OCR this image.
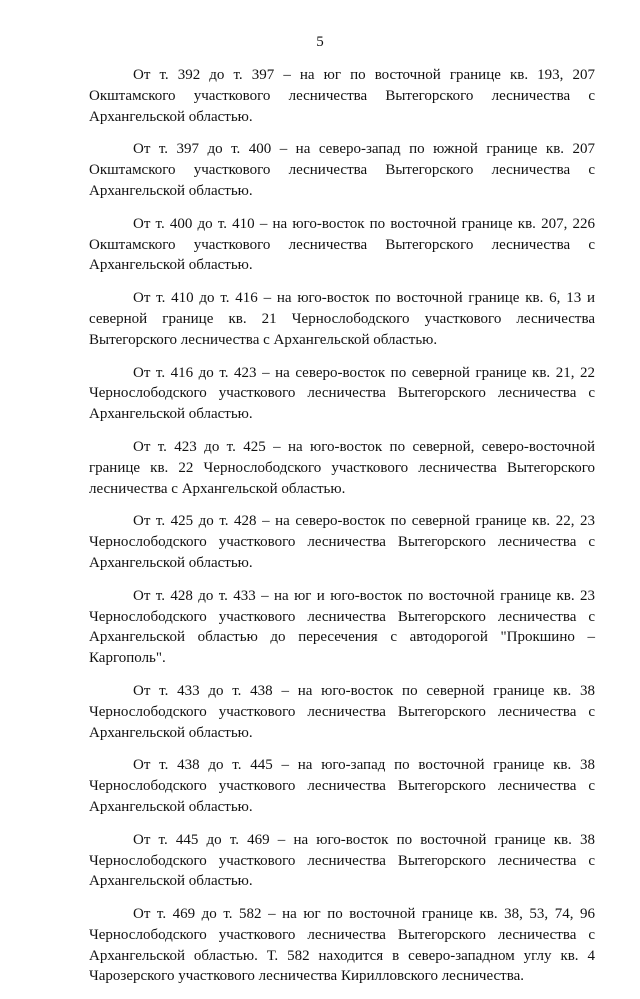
5

От т. 392 до т. 397 – на юг по восточной границе кв. 193, 207 Окштамского участкового лесничества Вытегорского лесничества с Архангельской областью.

От т. 397 до т. 400 – на северо-запад по южной границе кв. 207 Окштамского участкового лесничества Вытегорского лесничества с Архангельской областью.

От т. 400 до т. 410 – на юго-восток по восточной границе кв. 207, 226 Окштамского участкового лесничества Вытегорского лесничества с Архангельской областью.

От т. 410 до т. 416 – на юго-восток по восточной границе кв. 6, 13 и северной границе кв. 21 Чернослободского участкового лесничества Вытегорского лесничества с Архангельской областью.

От т. 416 до т. 423 – на северо-восток по северной границе кв. 21, 22 Чернослободского участкового лесничества Вытегорского лесничества с Архангельской областью.

От т. 423 до т. 425 – на юго-восток по северной, северо-восточной границе кв. 22 Чернослободского участкового лесничества Вытегорского лесничества с Архангельской областью.

От т. 425 до т. 428 – на северо-восток по северной границе кв. 22, 23 Чернослободского участкового лесничества Вытегорского лесничества с Архангельской областью.

От т. 428 до т. 433 – на юг и юго-восток по восточной границе кв. 23 Чернослободского участкового лесничества Вытегорского лесничества с Архангельской областью до пересечения с автодорогой "Прокшино – Каргополь".

От т. 433 до т. 438 – на юго-восток по северной границе кв. 38 Чернослободского участкового лесничества Вытегорского лесничества с Архангельской областью.

От т. 438 до т. 445 – на юго-запад по восточной границе кв. 38 Чернослободского участкового лесничества Вытегорского лесничества с Архангельской областью.

От т. 445 до т. 469 – на юго-восток по восточной границе кв. 38 Чернослободского участкового лесничества Вытегорского лесничества с Архангельской областью.

От т. 469 до т. 582 – на юг по восточной границе кв. 38, 53, 74, 96 Чернослободского участкового лесничества Вытегорского лесничества с Архангельской областью. Т. 582 находится в северо-западном углу кв. 4 Чарозерского участкового лесничества Кирилловского лесничества.
